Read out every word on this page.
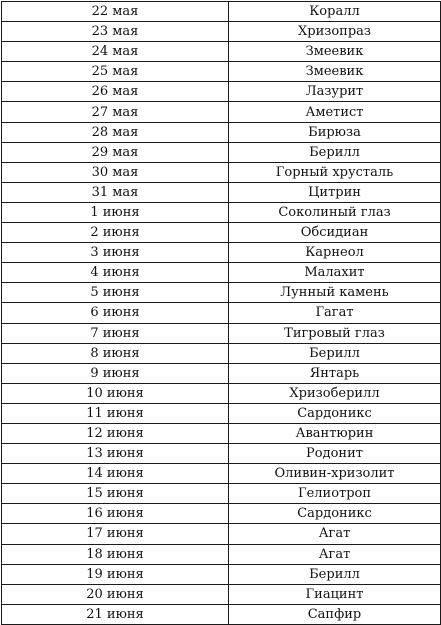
22 мая	Коралл
23 мая	Хризопраз
24 мая	Змеевик
25 мая	Змеевик
26 мая	Лазурит
27 мая	Аметист
28 мая	Бирюза
29 мая	Берилл
30 мая	Горный хрусталь
31 мая	Цитрин
1 июня	Соколиный глаз
2 июня	Обсидиан
3 июня	Карнеол
4 июня	Малахит
5 июня	Лунный камень
6 июня	Гагат
7 июня	Тигровый глаз
8 июня	Берилл
9 июня	Янтарь
10 июня	Хризоберилл
11 июня	Сардоникс
12 июня	Авантюрин
13 июня	Родонит
14 июня	Оливин-хризолит
15 июня	Гелиотроп
16 июня	Сардоникс
17 июня	Агат
18 июня	Агат
19 июня	Берилл
20 июня	Гиацинт
21 июня	Сапфир
